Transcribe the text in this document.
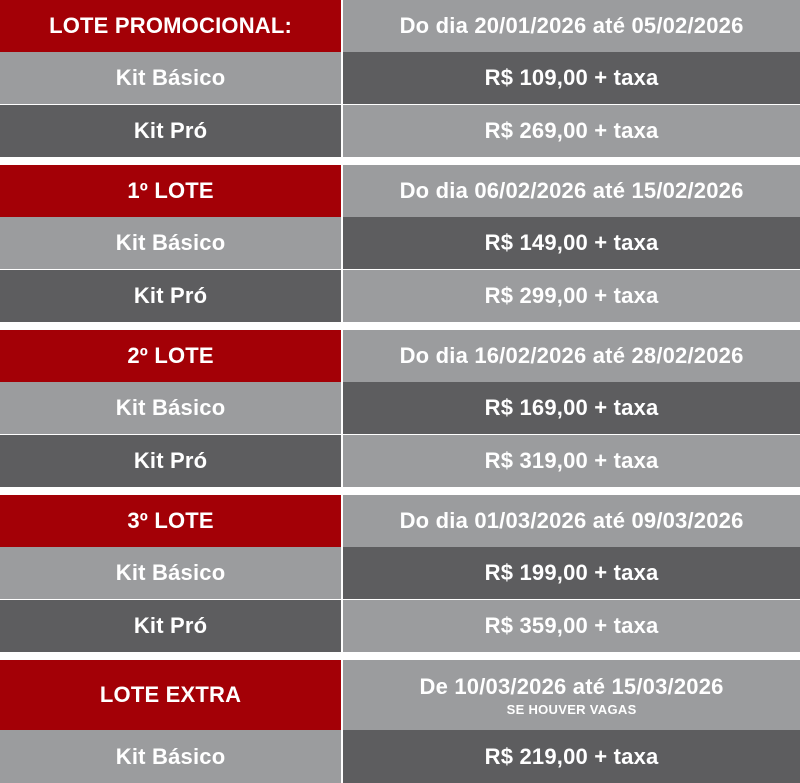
LOTE PROMOCIONAL:	Do dia 20/01/2026 até 05/02/2026
Kit Básico	R$ 109,00 + taxa
Kit Pró	R$ 269,00 + taxa
1º LOTE	Do dia 06/02/2026 até 15/02/2026
Kit Básico	R$ 149,00 + taxa
Kit Pró	R$ 299,00 + taxa
2º LOTE	Do dia 16/02/2026 até 28/02/2026
Kit Básico	R$ 169,00 + taxa
Kit Pró	R$ 319,00 + taxa
3º LOTE	Do dia 01/03/2026 até 09/03/2026
Kit Básico	R$ 199,00 + taxa
Kit Pró	R$ 359,00 + taxa
LOTE EXTRA	De 10/03/2026 até 15/03/2026
SE HOUVER VAGAS
Kit Básico	R$ 219,00 + taxa
